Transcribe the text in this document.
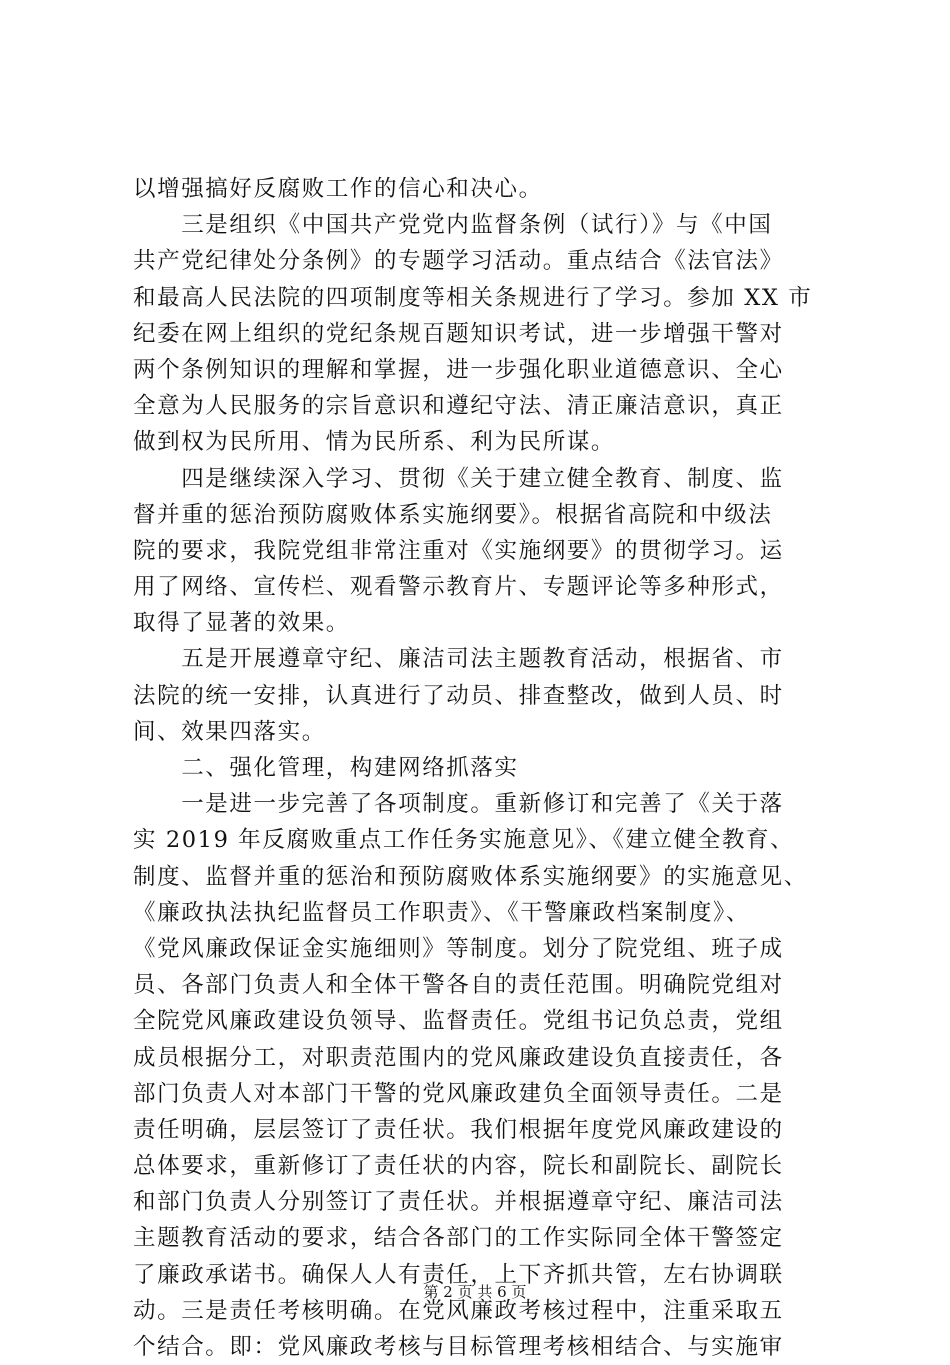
以增强搞好反腐败工作的信心和决心。
　　三是组织《中国共产党党内监督条例（试行）》与《中国
共产党纪律处分条例》的专题学习活动。重点结合《法官法》
和最高人民法院的四项制度等相关条规进行了学习。参加 XX 市
纪委在网上组织的党纪条规百题知识考试，进一步增强干警对
两个条例知识的理解和掌握，进一步强化职业道德意识、全心
全意为人民服务的宗旨意识和遵纪守法、清正廉洁意识，真正
做到权为民所用、情为民所系、利为民所谋。
　　四是继续深入学习、贯彻《关于建立健全教育、制度、监
督并重的惩治预防腐败体系实施纲要》。根据省高院和中级法
院的要求，我院党组非常注重对《实施纲要》的贯彻学习。运
用了网络、宣传栏、观看警示教育片、专题评论等多种形式，
取得了显著的效果。
　　五是开展遵章守纪、廉洁司法主题教育活动，根据省、市
法院的统一安排，认真进行了动员、排查整改，做到人员、时
间、效果四落实。
　　二、强化管理，构建网络抓落实
　　一是进一步完善了各项制度。重新修订和完善了《关于落
实 2019 年反腐败重点工作任务实施意见》、《建立健全教育、
制度、监督并重的惩治和预防腐败体系实施纲要》的实施意见、
《廉政执法执纪监督员工作职责》、《干警廉政档案制度》、
《党风廉政保证金实施细则》等制度。划分了院党组、班子成
员、各部门负责人和全体干警各自的责任范围。明确院党组对
全院党风廉政建设负领导、监督责任。党组书记负总责，党组
成员根据分工，对职责范围内的党风廉政建设负直接责任，各
部门负责人对本部门干警的党风廉政建负全面领导责任。二是
责任明确，层层签订了责任状。我们根据年度党风廉政建设的
总体要求，重新修订了责任状的内容，院长和副院长、副院长
和部门负责人分别签订了责任状。并根据遵章守纪、廉洁司法
主题教育活动的要求，结合各部门的工作实际同全体干警签定
了廉政承诺书。确保人人有责任，上下齐抓共管，左右协调联
动。三是责任考核明确。在党风廉政考核过程中，注重采取五
个结合。即：党风廉政考核与目标管理考核相结合、与实施审
第 2 页 共 6 页
